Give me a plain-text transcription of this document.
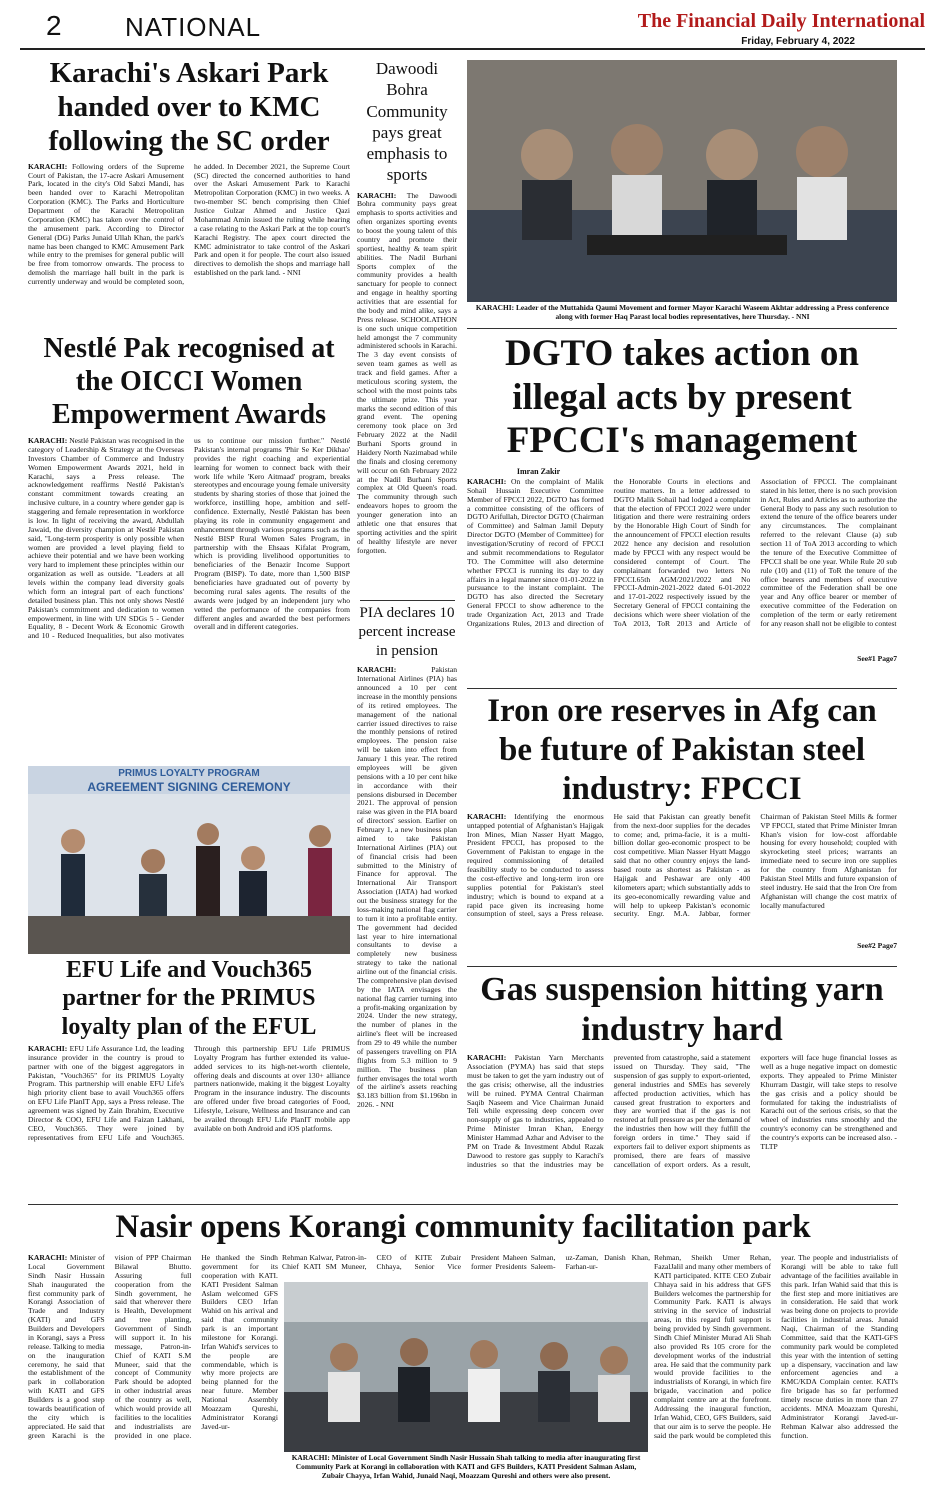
2 NATIONAL	The Financial Daily International
Friday, February 4, 2022
Karachi's Askari Park handed over to KMC following the SC order
KARACHI: Following orders of the Supreme Court of Pakistan, the 17-acre Askari Amusement Park, located in the city's Old Sabzi Mandi, has been handed over to Karachi Metropolitan Corporation (KMC). The Parks and Horticulture Department of the Karachi Metropolitan Corporation (KMC) has taken over the control of the amusement park. According to Director General (DG) Parks Junaid Ullah Khan, the park's name has been changed to KMC Amusement Park while entry to the premises for general public will be free from tomorrow onwards. The process to demolish the marriage hall built in the park is currently underway and would be completed soon, he added. In December 2021, the Supreme Court (SC) directed the concerned authorities to hand over the Askari Amusement Park to Karachi Metropolitan Corporation (KMC) in two weeks. A two-member SC bench comprising then Chief Justice Gulzar Ahmed and Justice Qazi Mohammad Amin issued the ruling while hearing a case relating to the Askari Park at the top court's Karachi Registry. The apex court directed the KMC administrator to take control of the Askari Park and open it for people. The court also issued directives to demolish the shops and marriage hall established on the park land. - NNI
Dawoodi Bohra Community pays great emphasis to sports
KARACHI: The Dawoodi Bohra community pays great emphasis to sports activities and often organizes sporting events to boost the young talent of this country and promote their sportiest, healthy & team spirit abilities. The Nadil Burhani Sports complex of the community provides a health sanctuary for people to connect and engage in healthy sporting activities that are essential for the body and mind alike, says a Press release. SCHOOLATHON is one such unique competition held amongst the 7 community administered schools in Karachi. The 3 day event consists of seven team games as well as track and field games. After a meticulous scoring system, the school with the most points tabs the ultimate prize. This year marks the second edition of this grand event. The opening ceremony took place on 3rd February 2022 at the Nadil Burhani Sports ground in Haidery North Nazimabad while the finals and closing ceremony will occur on 6th February 2022 at the Nadil Burhani Sports complex at Old Queen's road. The community through such endeavors hopes to groom the younger generation into an athletic one that ensures that sporting activities and the spirit of healthy lifestyle are never forgotten.
KARACHI: Leader of the Muttahida Qaumi Movement and former Mayor Karachi Waseem Akhtar addressing a Press conference along with former Haq Parast local bodies representatives, here Thursday. - NNI
Nestlé Pak recognised at the OICCI Women Empowerment Awards
KARACHI: Nestlé Pakistan was recognised in the category of Leadership & Strategy at the Overseas Investors Chamber of Commerce and Industry Women Empowerment Awards 2021, held in Karachi, says a Press release. The acknowledgement reaffirms Nestlé Pakistan's constant commitment towards creating an inclusive culture, in a country where gender gap is staggering and female representation in workforce is low. In light of receiving the award, Abdullah Jawaid, the diversity champion at Nestlé Pakistan said, "Long-term prosperity is only possible when women are provided a level playing field to achieve their potential and we have been working very hard to implement these principles within our organization as well as outside. "Leaders at all levels within the company lead diversity goals which form an integral part of each functions' detailed business plan. This not only shows Nestlé Pakistan's commitment and dedication to women empowerment, in line with UN SDGs 5 - Gender Equality, 8 - Decent Work & Economic Growth and 10 - Reduced Inequalities, but also motivates us to continue our mission further." Nestlé Pakistan's internal programs 'Phir Se Ker Dikhao' provides the right coaching and experiential learning for women to connect back with their work life while 'Kero Aitmaad' program, breaks stereotypes and encourage young female university students by sharing stories of those that joined the workforce, instilling hope, ambition and self-confidence. Externally, Nestlé Pakistan has been playing its role in community engagement and enhancement through various programs such as the Nestlé BISP Rural Women Sales Program, in partnership with the Ehsaas Kifalat Program, which is providing livelihood opportunities to beneficiaries of the Benazir Income Support Program (BISP). To date, more than 1,500 BISP beneficiaries have graduated out of poverty by becoming rural sales agents. The results of the awards were judged by an independent jury who vetted the performance of the companies from different angles and awarded the best performers overall and in different categories.
DGTO takes action on illegal acts by present FPCCI's management
Imran Zakir
KARACHI: On the complaint of Malik Sohail Hussain Executive Committee Member of FPCCI 2022, DGTO has formed a committee consisting of the officers of DGTO Arifullah, Director DGTO (Chairman of Committee) and Salman Jamil Deputy Director DGTO (Member of Committee) for investigation/Scrutiny of record of FPCCI and submit recommendations to Regulator TO. The Committee will also determine whether FPCCI is running its day to day affairs in a legal manner since 01-01-2022 in pursuance to the instant complaint. The DGTO has also directed the Secretary General FPCCI to show adherence to the trade Organization Act, 2013 and Trade Organizations Rules, 2013 and direction of the Honorable Courts in elections and routine matters. In a letter addressed to DGTO Malik Sohail had lodged a complaint that the election of FPCCI 2022 were under litigation and there were restraining orders by the Honorable High Court of Sindh for the announcement of FPCCI election results 2022 hence any decision and resolution made by FPCCI with any respect would be considered contempt of Court. The complainant forwarded two letters No FPCCI.65th AGM/2021/2022 and No FPCCI-Admin-2021-2022 dated 6-01-2022 and 17-01-2022 respectively issued by the Secretary General of FPCCI containing the decisions which were sheer violation of the ToA 2013, ToR 2013 and Article of Association of FPCCI. The complainant stated in his letter, there is no such provision in Act, Rules and Articles as to authorize the General Body to pass any such resolution to extend the tenure of the office bearers under any circumstances. The complainant referred to the relevant Clause (a) sub section 11 of ToA 2013 according to which the tenure of the Executive Committee of FPCCI shall be one year. While Rule 20 sub rule (10) and (11) of ToR the tenure of the office bearers and members of executive committee of the Federation shall be one year and Any office bearer or member of executive committee of the Federation on completion of the term or early retirement for any reason shall not be eligible to contest
See#1 Page7
PIA declares 10 percent increase in pension
KARACHI:	Pakistan International Airlines (PIA) has announced a 10 per cent increase in the monthly pensions of its retired employees. The management of the national carrier issued directives to raise the monthly pensions of retired employees. The pension raise will be taken into effect from January 1 this year. The retired employees will be given pensions with a 10 per cent hike in accordance with their pensions disbursed in December 2021. The approval of pension raise was given in the PIA board of directors' session. Earlier on February 1, a new business plan aimed to take Pakistan International Airlines (PIA) out of financial crisis had been submitted to the Ministry of Finance for approval. The International Air Transport Association (IATA) had worked out the business strategy for the loss-making national flag carrier to turn it into a profitable entity. The government had decided last year to hire international consultants to devise a completely new business strategy to take the national airline out of the financial crisis. The comprehensive plan devised by the IATA envisages the national flag carrier turning into a profit-making organization by 2024. Under the new strategy, the number of planes in the airline's fleet will be increased from 29 to 49 while the number of passengers travelling on PIA flights from 5.3 million to 9 million. The business plan further envisages the total worth of the airline's assets reaching $3.183 billion from $1.196bn in 2026. - NNI
Iron ore reserves in Afg can be future of Pakistan steel industry: FPCCI
KARACHI: Identifying the enormous untapped potential of Afghanistan's Hajigak Iron Mines, Mian Nasser Hyatt Maggo, President FPCCI, has proposed to the Government of Pakistan to engage in the required commissioning of detailed feasibility study to be conducted to assess the cost-effective and long-term iron ore supplies potential for Pakistan's steel industry; which is bound to expand at a rapid pace given its increasing home consumption of steel, says a Press release. He said that Pakistan can greatly benefit from the next-door supplies for the decades to come; and, prima-facie, it is a multi-billion dollar geo-economic prospect to be cost competitive. Mian Nasser Hyatt Maggo said that no other country enjoys the land-based route as shortest as Pakistan - as Hajigak and Peshawar are only 400 kilometers apart; which substantially adds to its geo-economically rewarding value and will help to upkeep Pakistan's economic security. Engr. M.A. Jabbar, former Chairman of Pakistan Steel Mills & former VP FPCCI, stated that Prime Minister Imran Khan's vision for low-cost affordable housing for every household; coupled with skyrocketing steel prices; warrants an immediate need to secure iron ore supplies for the country from Afghanistan for Pakistan Steel Mills and future expansion of steel industry. He said that the Iron Ore from Afghanistan will change the cost matrix of locally manufactured
See#2 Page7
PRIMUS LOYALTY PROGRAM
AGREEMENT SIGNING CEREMONY
EFU Life and Vouch365 partner for the PRIMUS loyalty plan of the EFUL
KARACHI: EFU Life Assurance Ltd, the leading insurance provider in the country is proud to partner with one of the biggest aggregators in Pakistan, "Vouch365" for its PRIMUS Loyalty Program. This partnership will enable EFU Life's high priority client base to avail Vouch365 offers on EFU Life PlanIT App, says a Press release. The agreement was signed by Zain Ibrahim, Executive Director & COO, EFU Life and Faizan Lakhani, CEO, Vouch365. They were joined by representatives from EFU Life and Vouch365. Through this partnership EFU Life PRIMUS Loyalty Program has further extended its value-added services to its high-net-worth clientele, offering deals and discounts at over 130+ alliance partners nationwide, making it the biggest Loyalty Program in the insurance industry. The discounts are offered under five broad categories of Food, Lifestyle, Leisure, Wellness and Insurance and can be availed through EFU Life PlanIT mobile app available on both Android and iOS platforms.
Gas suspension hitting yarn industry hard
KARACHI: Pakistan Yarn Merchants Association (PYMA) has said that steps must be taken to get the yarn industry out of the gas crisis; otherwise, all the industries will be ruined. PYMA Central Chairman Saqib Naseem and Vice Chairman Junaid Teli while expressing deep concern over non-supply of gas to industries, appealed to Prime Minister Imran Khan, Energy Minister Hammad Azhar and Adviser to the PM on Trade & Investment Abdul Razak Dawood to restore gas supply to Karachi's industries so that the industries may be prevented from catastrophe, said a statement issued on Thursday. They said, "The suspension of gas supply to export-oriented, general industries and SMEs has severely affected production activities, which has caused great frustration to exporters and they are worried that if the gas is not restored at full pressure as per the demand of the industries then how will they fulfill the foreign orders in time." They said if exporters fail to deliver export shipments as promised, there are fears of massive cancellation of export orders. As a result, exporters will face huge financial losses as well as a huge negative impact on domestic exports. They appealed to Prime Minister Khurram Dastgir, will take steps to resolve the gas crisis and a policy should be formulated for taking the industrialists of Karachi out of the serious crisis, so that the wheel of industries runs smoothly and the country's economy can be strengthened and the country's exports can be increased also. - TLTP
Nasir opens Korangi community facilitation park
KARACHI: Minister of Local Government Sindh Nasir Hussain Shah inaugurated the first community park of Korangi Association of Trade and Industry (KATI) and GFS Builders and Developers in Korangi, says a Press release. Talking to media on the inauguration ceremony, he said that the establishment of the park in collaboration with KATI and GFS Builders is a good step towards beautification of the city which is appreciated. He said that green Karachi is the vision of PPP Chairman Bilawal Bhutto. Assuring full cooperation from the Sindh government, he said that wherever there is Health, Development and tree planting, Government of Sindh will support it. In his message, Patron-in-Chief of KATI S.M Muneer, said that the concept of Community Park should be adopted in other industrial areas of the country as well, which would provide all facilities to the localities and industrialists are provided in one place. He thanked the Sindh government for its cooperation with KATI. KATI President Salman Aslam welcomed GFS Builders CEO Irfan Wahid on his arrival and said that community park is an important milestone for Korangi. Irfan Wahid's services to the people are commendable, which is why more projects are being planned for the near future. Member National Assembly Moazzam Qureshi, Administrator Korangi Javed-ur-
Rehman Kalwar, Patron-in-Chief KATI SM Muneer, CEO of KITE Zubair Chhaya, Senior Vice President Maheen Salman, former Presidents Saleem-uz-Zaman, Danish Khan, Farhan-ur-
KARACHI: Minister of Local Government Sindh Nasir Hussain Shah talking to media after inaugurating first Community Park at Korangi in collaboration with KATI and GFS Builders, KATI President Salman Aslam, Zubair Chayya, Irfan Wahid, Junaid Naqi, Moazzam Qureshi and others were also present.
Rehman, Sheikh Umer Rehan, FazalJalil and many other members of KATI participated. KITE CEO Zubair Chhaya said in his address that GFS Builders welcomes the partnership for Community Park. KATI is always striving in the service of industrial areas, in this regard full support is being provided by Sindh government. Sindh Chief Minister Murad Ali Shah also provided Rs 105 crore for the development works of the industrial area. He said that the community park would provide facilities to the industrialists of Korangi, in which fire brigade, vaccination and police complaint centre are at the forefront. Addressing the inaugural function, Irfan Wahid, CEO, GFS Builders, said that our aim is to serve the people. He said the park would be completed this year. The people and industrialists of Korangi will be able to take full advantage of the facilities available in this park. Irfan Wahid said that this is the first step and more initiatives are in consideration. He said that work was being done on projects to provide facilities in industrial areas. Junaid Naqi, Chairman of the Standing Committee, said that the KATI-GFS community park would be completed this year with the intention of setting up a dispensary, vaccination and law enforcement agencies and a KMC/KDA Complain center. KATI's fire brigade has so far performed timely rescue duties in more than 27 accidents. MNA Moazzam Qureshi, Administrator Korangi Javed-ur-Rehman Kalwar also addressed the function.
